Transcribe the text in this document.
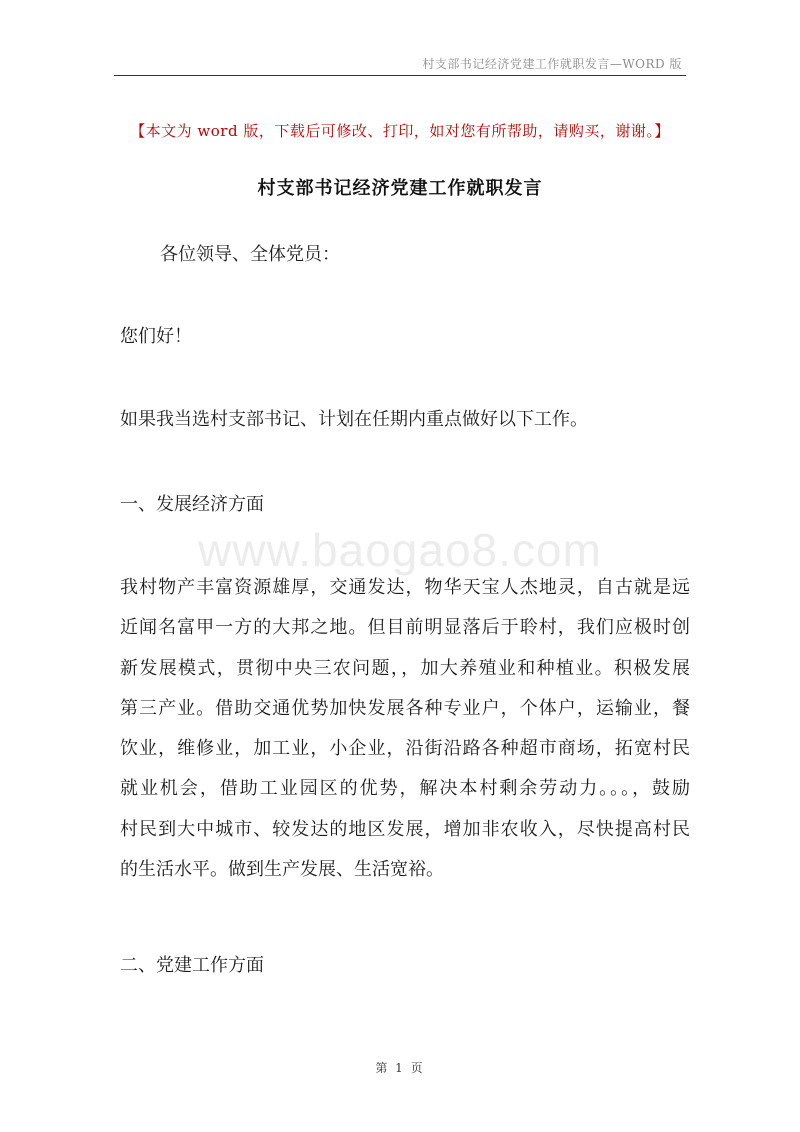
村支部书记经济党建工作就职发言—WORD 版
【本文为 word 版，下载后可修改、打印，如对您有所帮助，请购买，谢谢。】
村支部书记经济党建工作就职发言
各位领导、全体党员：
您们好！
如果我当选村支部书记、计划在任期内重点做好以下工作。
一、发展经济方面
www.baogao8.com
我村物产丰富资源雄厚，交通发达，物华天宝人杰地灵，自古就是远
近闻名富甲一方的大邦之地。但目前明显落后于聆村，我们应极时创
新发展模式，贯彻中央三农问题，，加大养殖业和种植业。积极发展
第三产业。借助交通优势加快发展各种专业户，个体户，运输业，餐
饮业，维修业，加工业，小企业，沿街沿路各种超市商场，拓宽村民
就业机会，借助工业园区的优势，解决本村剩余劳动力。。。，鼓励
村民到大中城市、较发达的地区发展，增加非农收入，尽快提高村民
的生活水平。做到生产发展、生活宽裕。
二、党建工作方面
第 1 页
